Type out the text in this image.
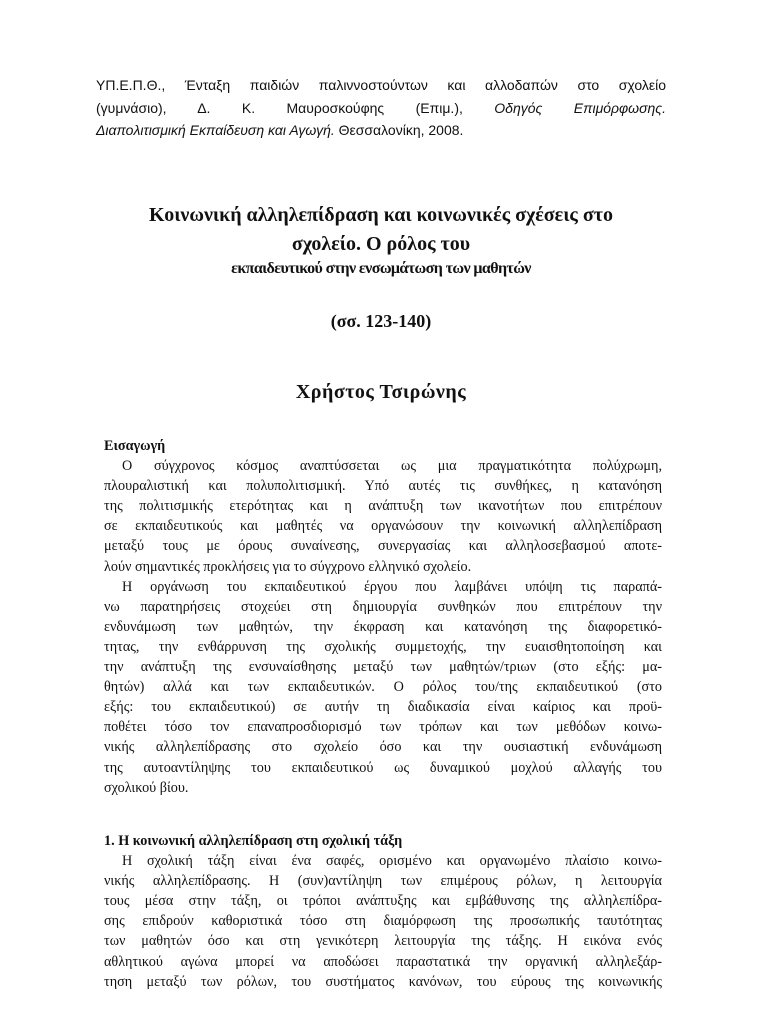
ΥΠ.Ε.Π.Θ., Ένταξη παιδιών παλιννοστούντων και αλλοδαπών στο σχολείο
(γυμνάσιο), Δ. Κ. Μαυροσκούφης (Επιμ.), Οδηγός Επιμόρφωσης.
Διαπολιτισμική Εκπαίδευση και Αγωγή. Θεσσαλονίκη, 2008.
Κοινωνική αλληλεπίδραση και κοινωνικές σχέσεις στο
σχολείο. Ο ρόλος του
εκπαιδευτικού στην ενσωμάτωση των μαθητών
(σσ. 123-140)
Χρήστος Τσιρώνης
Εισαγωγή
Ο σύγχρονος κόσμος αναπτύσσεται ως μια πραγματικότητα πολύχρωμη,
πλουραλιστική και πολυπολιτισμική. Υπό αυτές τις συνθήκες, η κατανόηση
της πολιτισμικής ετερότητας και η ανάπτυξη των ικανοτήτων που επιτρέπουν
σε εκπαιδευτικούς και μαθητές να οργανώσουν την κοινωνική αλληλεπίδραση
μεταξύ τους με όρους συναίνεσης, συνεργασίας και αλληλοσεβασμού αποτε-
λούν σημαντικές προκλήσεις για το σύγχρονο ελληνικό σχολείο.
Η οργάνωση του εκπαιδευτικού έργου που λαμβάνει υπόψη τις παραπά-
νω παρατηρήσεις στοχεύει στη δημιουργία συνθηκών που επιτρέπουν την
ενδυνάμωση των μαθητών, την έκφραση και κατανόηση της διαφορετικό-
τητας, την ενθάρρυνση της σχολικής συμμετοχής, την ευαισθητοποίηση και
την ανάπτυξη της ενσυναίσθησης μεταξύ των μαθητών/τριων (στο εξής: μα-
θητών) αλλά και των εκπαιδευτικών. Ο ρόλος του/της εκπαιδευτικού (στο
εξής: του εκπαιδευτικού) σε αυτήν τη διαδικασία είναι καίριος και προϋ-
ποθέτει τόσο τον επαναπροσδιορισμό των τρόπων και των μεθόδων κοινω-
νικής αλληλεπίδρασης στο σχολείο όσο και την ουσιαστική ενδυνάμωση
της αυτοαντίληψης του εκπαιδευτικού ως δυναμικού μοχλού αλλαγής του
σχολικού βίου.
1. Η κοινωνική αλληλεπίδραση στη σχολική τάξη
Η σχολική τάξη είναι ένα σαφές, ορισμένο και οργανωμένο πλαίσιο κοινω-
νικής αλληλεπίδρασης. Η (συν)αντίληψη των επιμέρους ρόλων, η λειτουργία
τους μέσα στην τάξη, οι τρόποι ανάπτυξης και εμβάθυνσης της αλληλεπίδρα-
σης επιδρούν καθοριστικά τόσο στη διαμόρφωση της προσωπικής ταυτότητας
των μαθητών όσο και στη γενικότερη λειτουργία της τάξης. Η εικόνα ενός
αθλητικού αγώνα μπορεί να αποδώσει παραστατικά την οργανική αλληλεξάρ-
τηση μεταξύ των ρόλων, του συστήματος κανόνων, του εύρους της κοινωνικής
